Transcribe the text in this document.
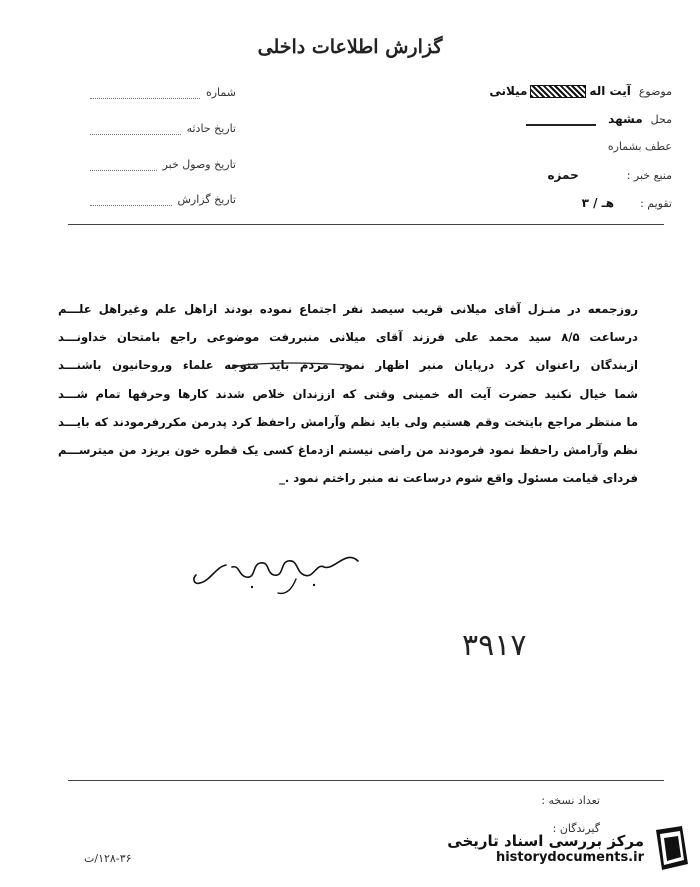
گزارش اطلاعات داخلی
شماره
تاریخ حادثه
تاریخ وصول خبر
تاریخ گزارش
موضوع
آیت الهمیلانی
محل
مشهد
عطف بشماره
منبع خبر :
حمزه
تقویم :
هـ / ۳
روزجمعه در منـزل آقای میلانی قریب سیصد نفر اجتماع نموده بودند ازاهل علم وغیراهل علـــم
درساعت ۸/۵ سید محمد علی فرزند آقای میلانی منبررفت موضوعی راجع بامتحان خداونـــد
ازبندگان راعنوان کرد درپایان منبر اظهار نمود مردم باید متوجه علماء وروحانیون باشنـــد
شما خیال نکنید حضرت آیت اله خمینی وقتی که اززندان خلاص شدند کارها وحرفها تمام شـــد
ما منتظر مراجع بایتخت وقم هستیم ولی باید نظم وآرامش راحفظ کرد پدرمن مکررفرمودند که بایـــد
نظم وآرامش راحفظ نمود فرمودند من راضی نیستم ازدماغ کسی یک قطره خون بریزد من میترســـم
فردای قیامت مسئول واقع شوم درساعت نه منبر راختم نمود ._
۳۹۱۷
تعداد نسخه :
گیرندگان :
۱۲۸-۳۶/ت
مرکز بررسی اسناد تاریخی
historydocuments.ir
